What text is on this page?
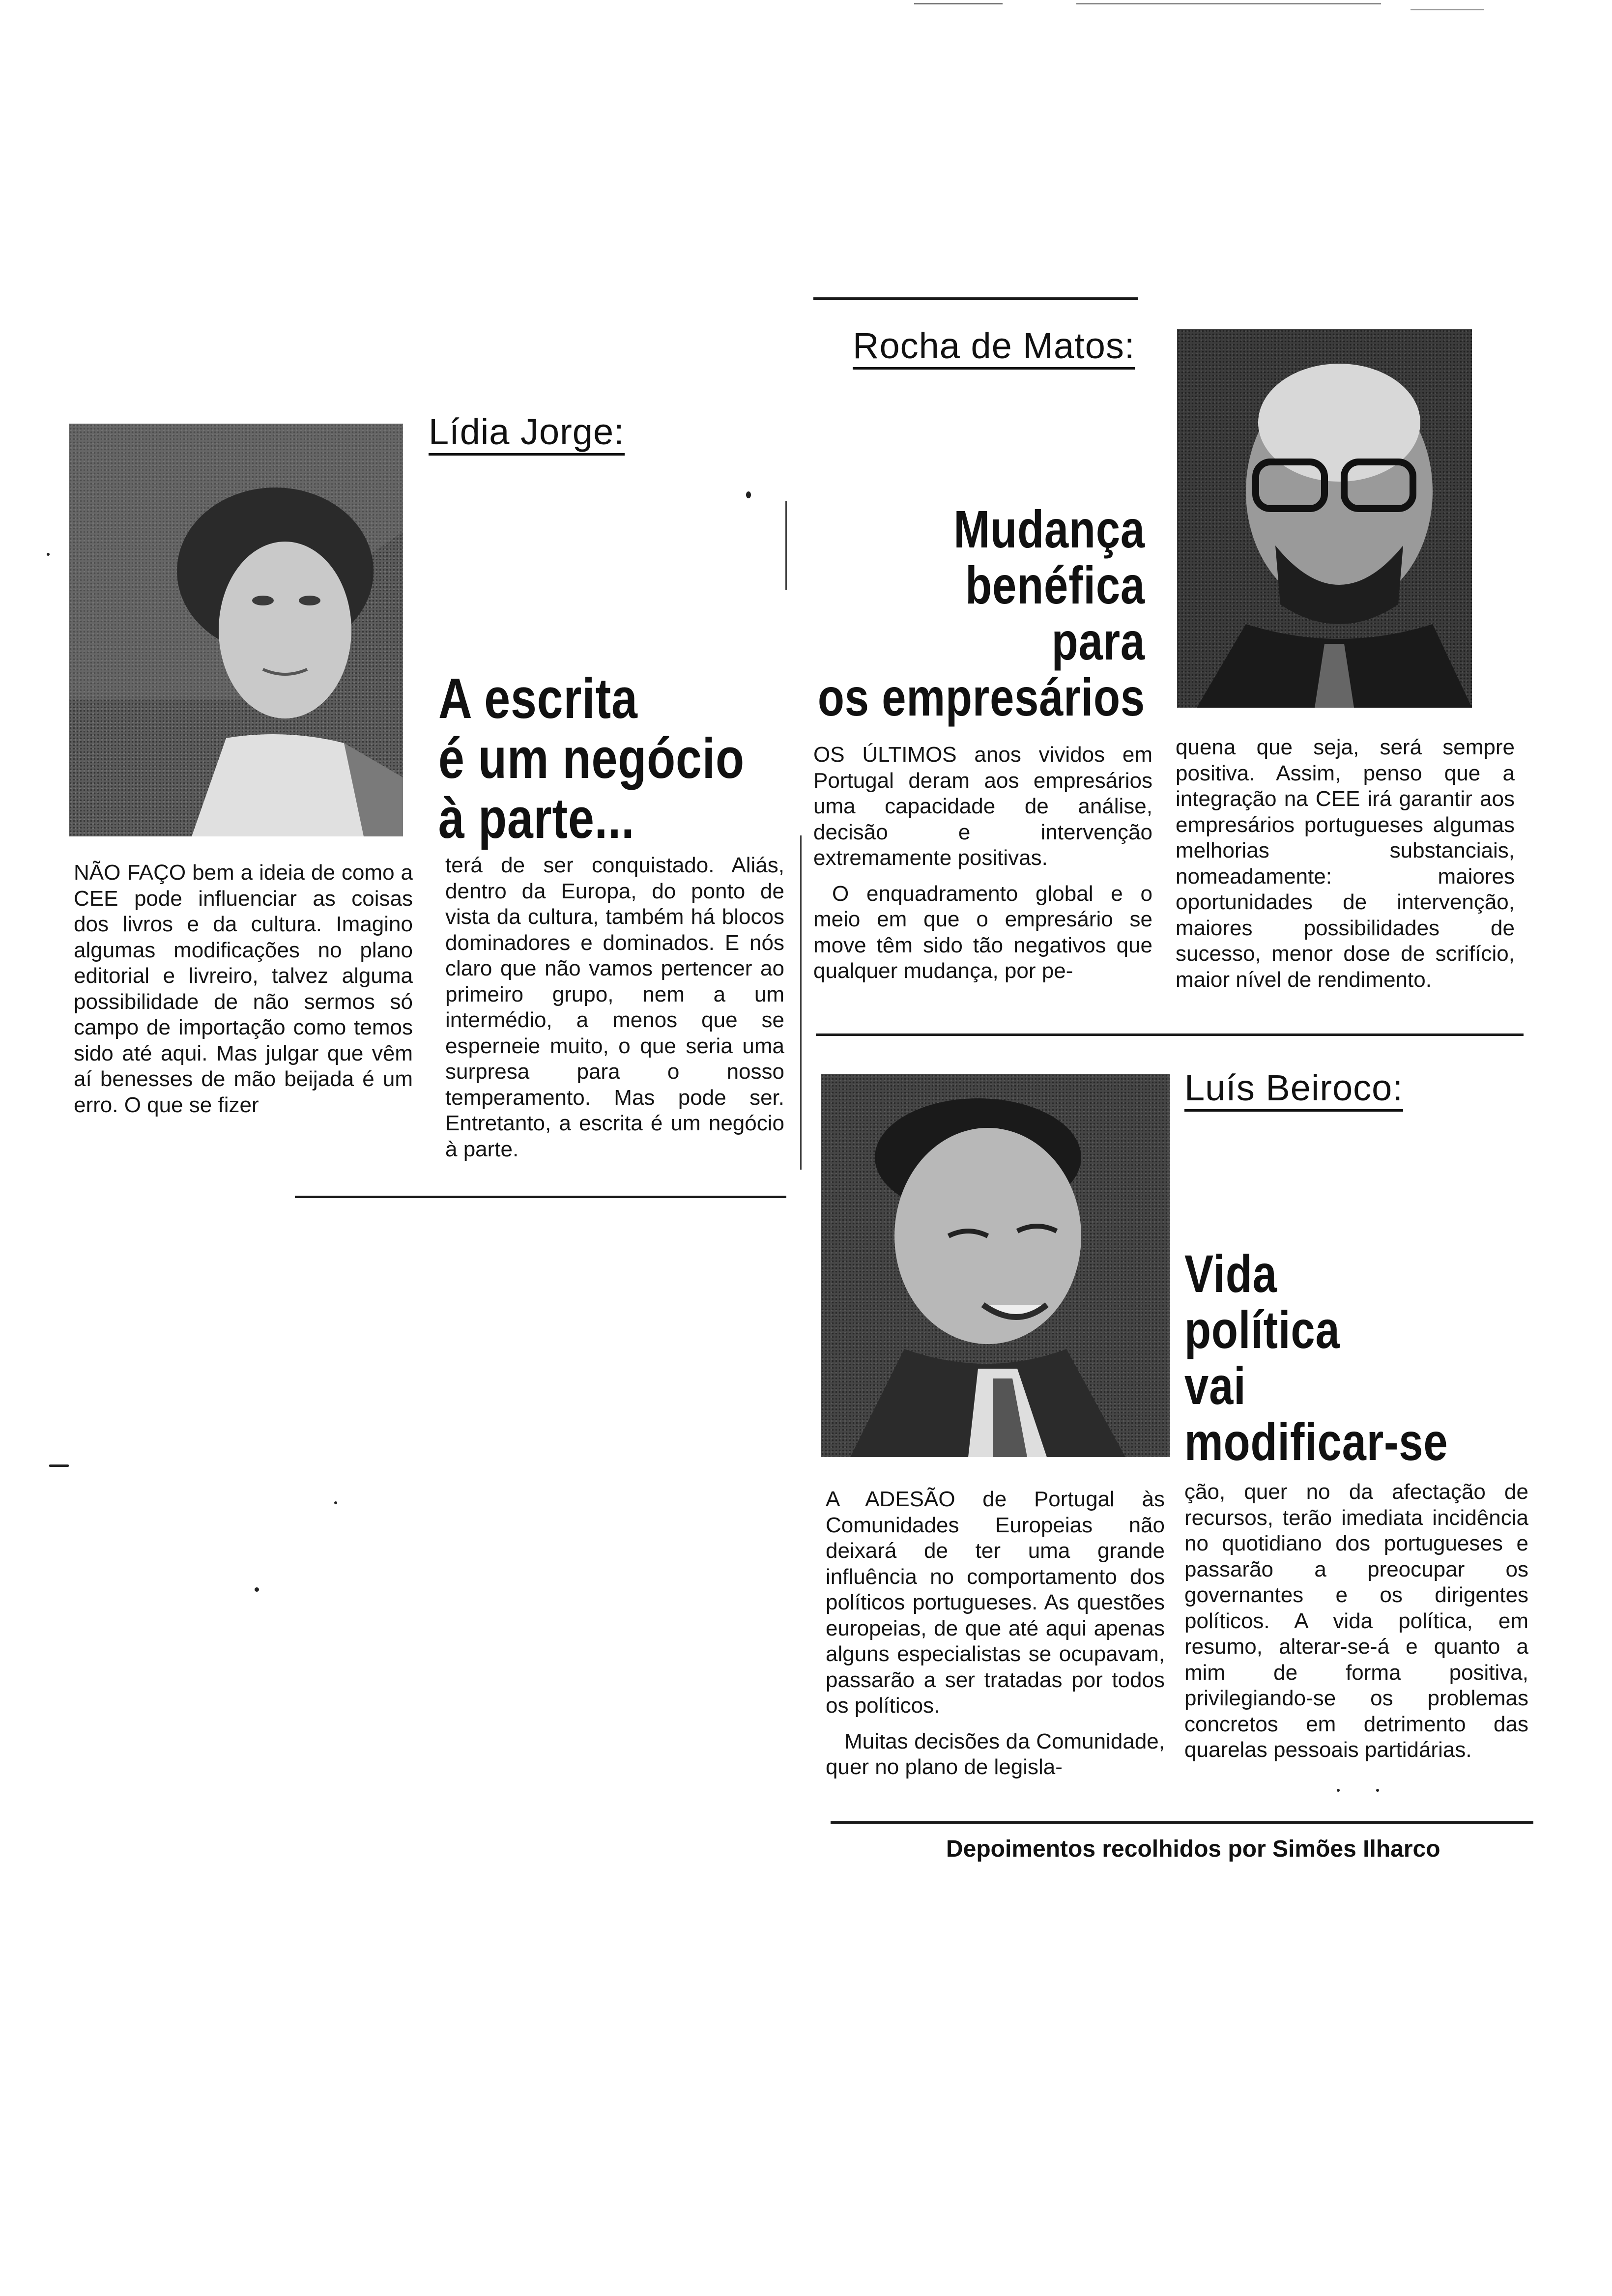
Lídia Jorge:
A escrita
é um negócio
à parte...

NÃO FAÇO bem a ideia de como a CEE pode influenciar as coisas dos livros e da cultura. Imagino algumas modificações no plano editorial e livreiro, talvez alguma possibilidade de não sermos só campo de importação como temos sido até aqui. Mas julgar que vêm aí benesses de mão beijada é um erro. O que se fizer

terá de ser conquistado. Aliás, dentro da Europa, do ponto de vista da cultura, também há blocos dominadores e dominados. E nós claro que não vamos pertencer ao primeiro grupo, nem a um intermédio, a menos que se esperneie muito, o que seria uma surpresa para o nosso temperamento. Mas pode ser. Entretanto, a escrita é um negócio à parte.

Rocha de Matos:
Mudança
benéfica
para
os empresários

OS ÚLTIMOS anos vividos em Portugal deram aos empresários uma capacidade de análise, decisão e intervenção extremamente positivas.

O enquadramento global e o meio em que o empresário se move têm sido tão negativos que qualquer mudança, por pe-

quena que seja, será sempre positiva. Assim, penso que a integração na CEE irá garantir aos empresários portugueses algumas melhorias substanciais, nomeadamente: maiores oportunidades de intervenção, maiores possibilidades de sucesso, menor dose de scrifício, maior nível de rendimento.

Luís Beiroco:
Vida
política
vai
modificar-se

A ADESÃO de Portugal às Comunidades Europeias não deixará de ter uma grande influência no comportamento dos políticos portugueses. As questões europeias, de que até aqui apenas alguns especialistas se ocupavam, passarão a ser tratadas por todos os políticos.

Muitas decisões da Comunidade, quer no plano de legisla-

ção, quer no da afectação de recursos, terão imediata incidência no quotidiano dos portugueses e passarão a preocupar os governantes e os dirigentes políticos. A vida política, em resumo, alterar-se-á e quanto a mim de forma positiva, privilegiando-se os problemas concretos em detrimento das quarelas pessoais partidárias.

Depoimentos recolhidos por Simões Ilharco
